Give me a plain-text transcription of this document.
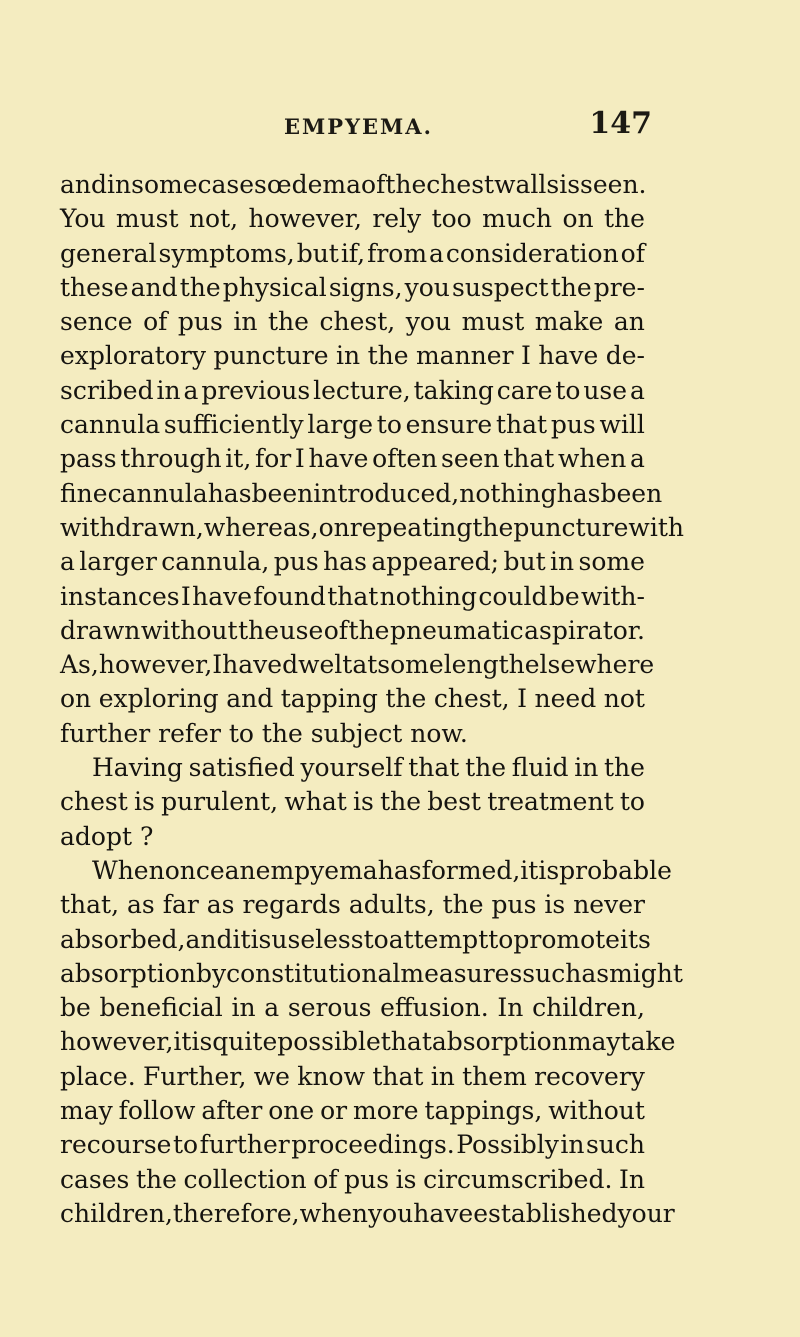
EMPYEMA.	147
and in some cases œdema of the chest walls is seen.
You must not, however, rely too much on the
general symptoms, but if, from a consideration of
these and the physical signs, you suspect the pre-
sence of pus in the chest, you must make an
exploratory puncture in the manner I have de-
scribed in a previous lecture, taking care to use a
cannula sufficiently large to ensure that pus will
pass through it, for I have often seen that when a
fine cannula has been introduced, nothing has been
withdrawn, whereas, on repeating the puncture with
a larger cannula, pus has appeared; but in some
instances I have found that nothing could be with-
drawn without the use of the pneumatic aspirator.
As, however, I have dwelt at some length elsewhere
on exploring and tapping the chest, I need not
further refer to the subject now.
Having satisfied yourself that the fluid in the
chest is purulent, what is the best treatment to
adopt ?
When once an empyema has formed, it is probable
that, as far as regards adults, the pus is never
absorbed, and it is useless to attempt to promote its
absorption by constitutional measures such as might
be beneficial in a serous effusion. In children,
however, it is quite possible that absorption may take
place. Further, we know that in them recovery
may follow after one or more tappings, without
recourse to further proceedings. Possibly in such
cases the collection of pus is circumscribed. In
children, therefore, when you have established your
